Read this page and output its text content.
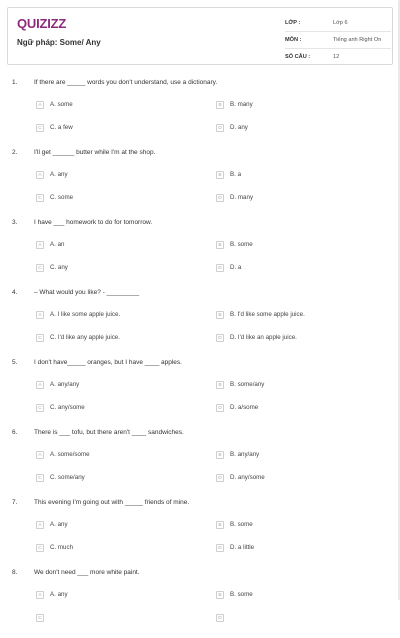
QUIZIZZ
Ngữ pháp: Some/ Any
LỚP :	Lớp 6
MÔN :	Tiếng anh Right On
SỐ CÂU :	12
1.	If there are _____ words you don't understand, use a dictionary.
A	A. some	B	B. many
C	C. a few	D	D. any
2.	I'll get ______ butter while I'm at the shop.
A	A. any	B	B. a
C	C. some	D	D. many
3.	I have ___ homework to do for tomorrow.
A	A. an	B	B. some
C	C. any	D	D. a
4.	– What would you like? - _________
A	A. I like some apple juice.	B	B. I'd like some apple juice.
C	C. I'd like any apple juice.	D	D. I'd like an apple juice.
5.	I don't have_____ oranges, but I have ____ apples.
A	A. any/any	B	B. some/any
C	C. any/some	D	D. a/some
6.	There is ___ tofu, but there aren't ____ sandwiches.
A	A. some/some	B	B. any/any
C	C. some/any	D	D. any/some
7.	This evening I'm going out with _____ friends of mine.
A	A. any	B	B. some
C	C. much	D	D. a little
8.	We don't need ___ more white paint.
A	A. any	B	B. some
C	D
